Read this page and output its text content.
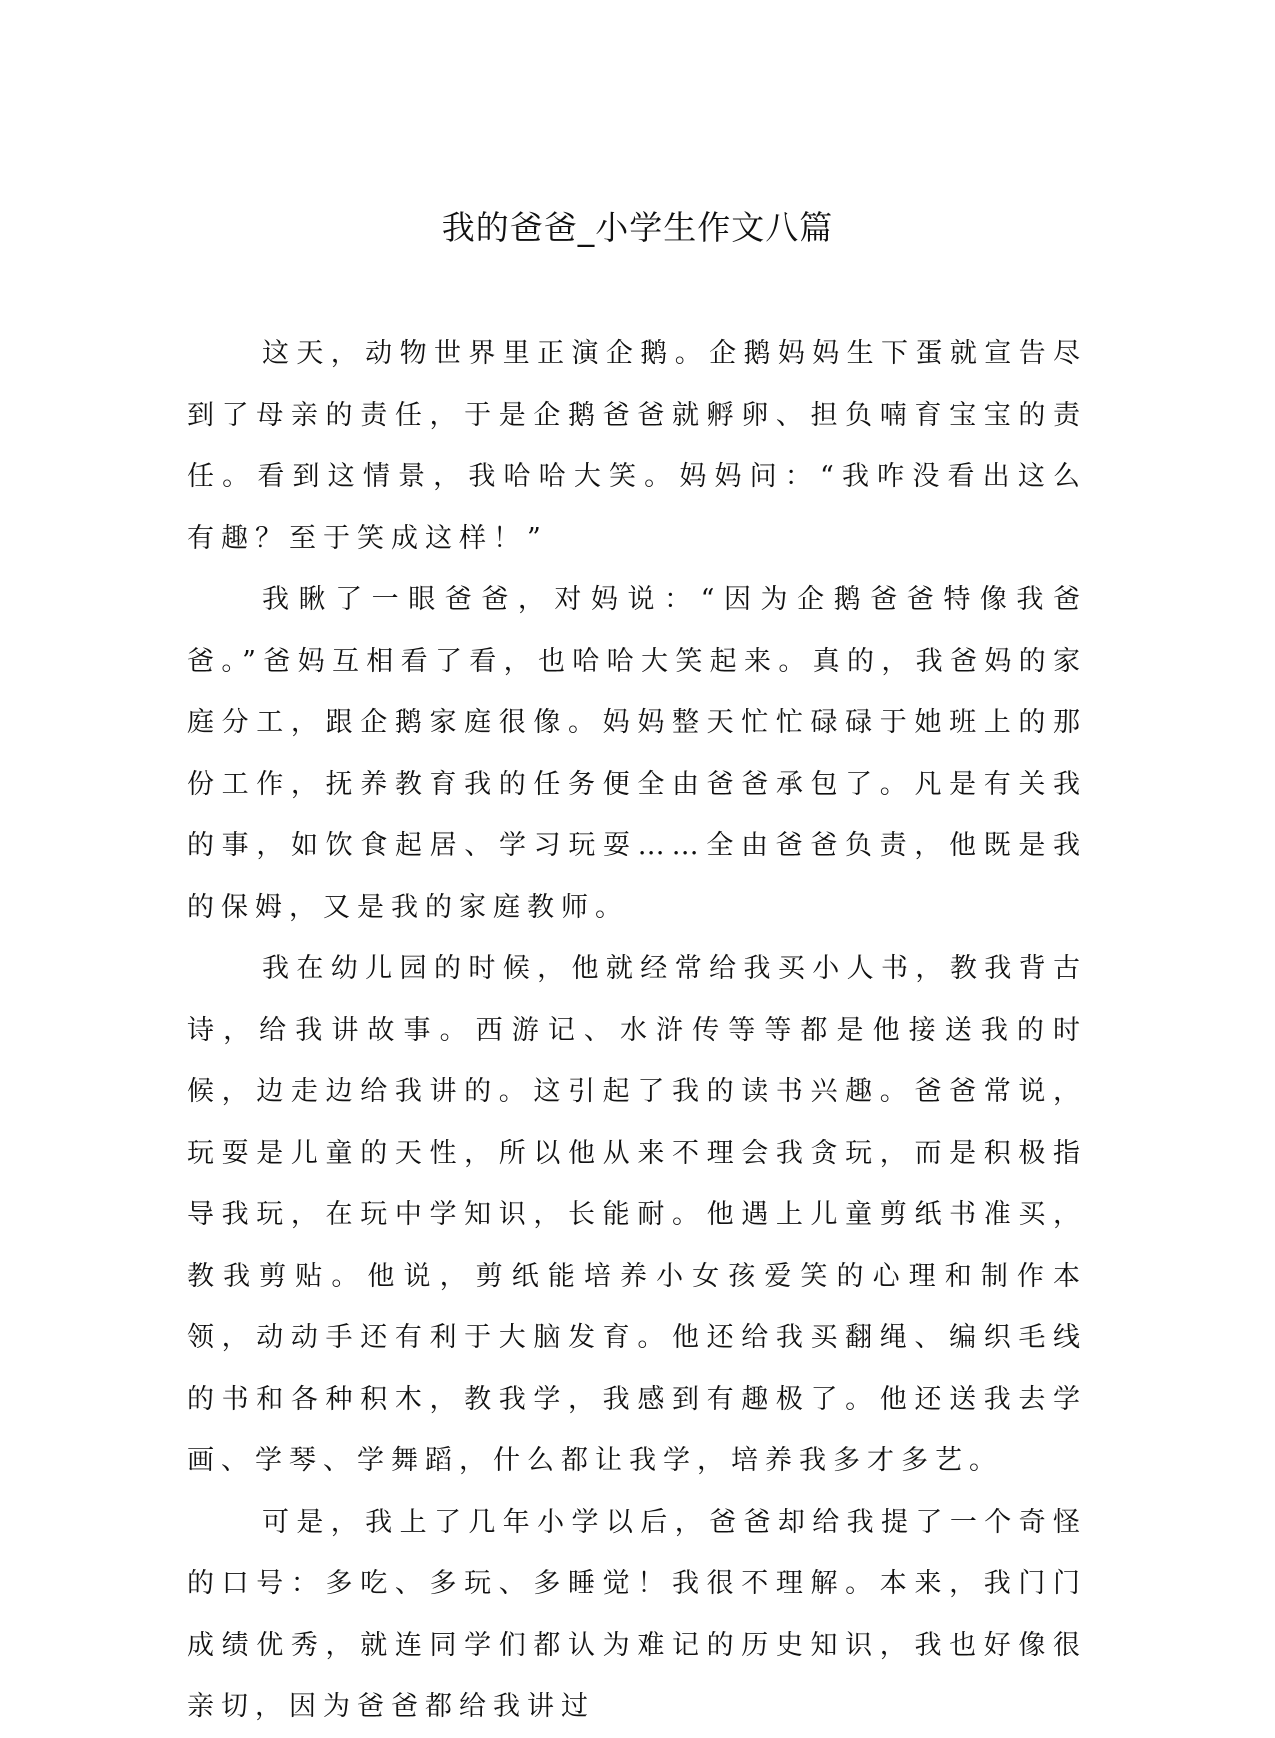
我的爸爸_小学生作文八篇

这天，动物世界里正演企鹅。企鹅妈妈生下蛋就宣告尽到了母亲的责任，于是企鹅爸爸就孵卵、担负喃育宝宝的责任。看到这情景，我哈哈大笑。妈妈问：“我咋没看出这么有趣？至于笑成这样！”

我瞅了一眼爸爸，对妈说：“因为企鹅爸爸特像我爸爸。”爸妈互相看了看，也哈哈大笑起来。真的，我爸妈的家庭分工，跟企鹅家庭很像。妈妈整天忙忙碌碌于她班上的那份工作，抚养教育我的任务便全由爸爸承包了。凡是有关我的事，如饮食起居、学习玩耍……全由爸爸负责，他既是我的保姆，又是我的家庭教师。

我在幼儿园的时候，他就经常给我买小人书，教我背古诗，给我讲故事。西游记、水浒传等等都是他接送我的时候，边走边给我讲的。这引起了我的读书兴趣。爸爸常说，玩耍是儿童的天性，所以他从来不理会我贪玩，而是积极指导我玩，在玩中学知识，长能耐。他遇上儿童剪纸书准买，教我剪贴。他说，剪纸能培养小女孩爱笑的心理和制作本领，动动手还有利于大脑发育。他还给我买翻绳、编织毛线的书和各种积木，教我学，我感到有趣极了。他还送我去学画、学琴、学舞蹈，什么都让我学，培养我多才多艺。

可是，我上了几年小学以后，爸爸却给我提了一个奇怪的口号：多吃、多玩、多睡觉！我很不理解。本来，我门门成绩优秀，就连同学们都认为难记的历史知识，我也好像很亲切，因为爸爸都给我讲过
